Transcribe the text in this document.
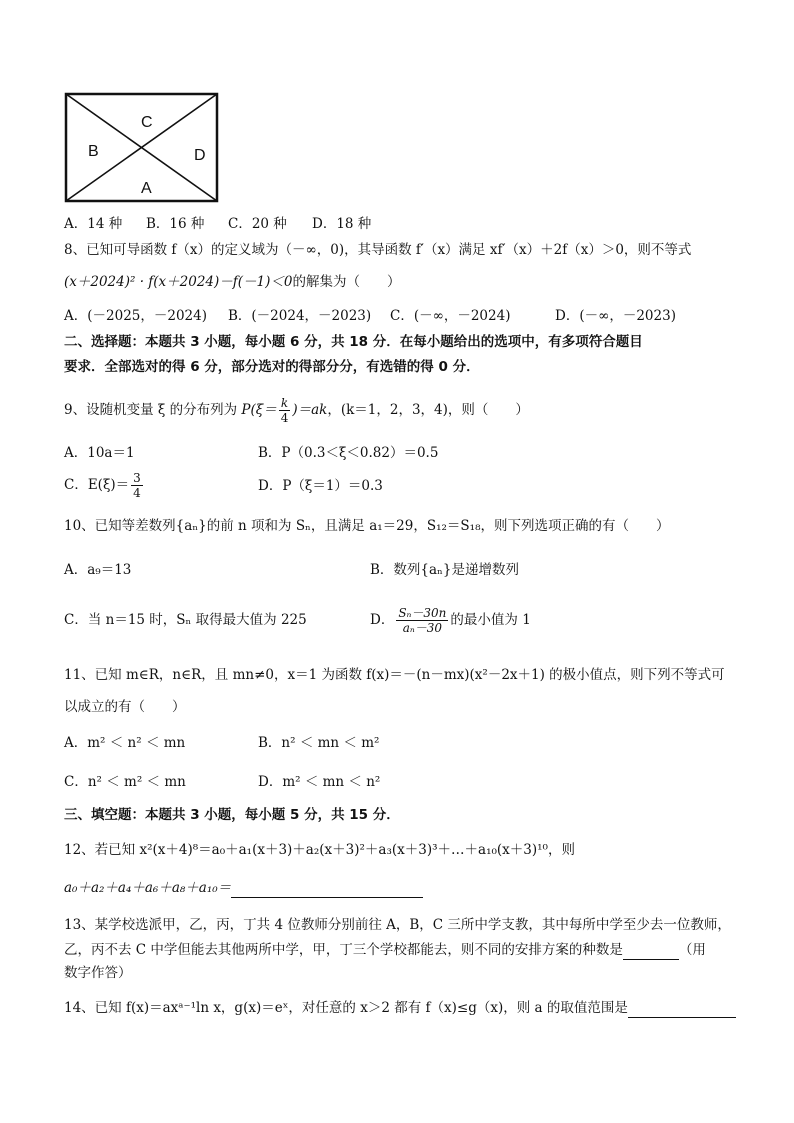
C
B	D
A
A．14 种 B．16 种 C．20 种 D．18 种
8、已知可导函数 f（x）的定义域为（－∞，0)，其导函数 f′（x）满足 xf′（x）＋2f（x）＞0，则不等式
(x＋2024)² · f(x＋2024)－f(－1)＜0的解集为（　　）
A．(－2025，－2024) B．(－2024，－2023) C．(－∞，－2024)	D．(－∞，－2023)
二、选择题：本题共 3 小题，每小题 6 分，共 18 分．在每小题给出的选项中，有多项符合题目
要求．全部选对的得 6 分，部分选对的得部分分，有选错的得 0 分．
9、设随机变量 ξ 的分布列为 $P(\xi= \frac{k}{4} )=ak$，(k＝1，2，3，4)，则（　　）
A．10a＝1	B．P（0.3＜ξ＜0.82）＝0.5
C．$E(\xi)= \frac{3}{4}$	D．P（ξ＝1）＝0.3
10、已知等差数列{aₙ}的前 n 项和为 Sₙ，且满足 a₁＝29，S₁₂＝S₁₈，则下列选项正确的有（　　）
A．a₉＝13	B．数列{aₙ}是递增数列
C．当 n＝15 时，Sₙ 取得最大值为 225	D． $\frac{\text{Sₙ－30n}}{\text{aₙ－30}}$ 的最小值为 1
11、已知 m∈R，n∈R，且 mn≠0，x＝1 为函数 f(x)＝－(n－mx)(x²－2x＋1) 的极小值点，则下列不等式可
以成立的有（　　）
A．m² ＜ n² ＜ mn	B．n² ＜ mn ＜ m²
C．n² ＜ m² ＜ mn	D．m² ＜ mn ＜ n²
三、填空题：本题共 3 小题，每小题 5 分，共 15 分．
12、若已知 x²(x＋4)⁸＝a₀＋a₁(x＋3)＋a₂(x＋3)²＋a₃(x＋3)³＋…＋a₁₀(x＋3)¹⁰，则
a₀＋a₂＋a₄＋a₆＋a₈＋a₁₀＝
13、某学校选派甲，乙，丙，丁共 4 位教师分别前往 A，B，C 三所中学支教，其中每所中学至少去一位教师，
乙，丙不去 C 中学但能去其他两所中学，甲，丁三个学校都能去，则不同的安排方案的种数是	（用
数字作答）
14、已知 f(x)＝axᵃ⁻¹ln x，g(x)＝eˣ，对任意的 x＞2 都有 f（x)≤g（x)，则 a 的取值范围是
